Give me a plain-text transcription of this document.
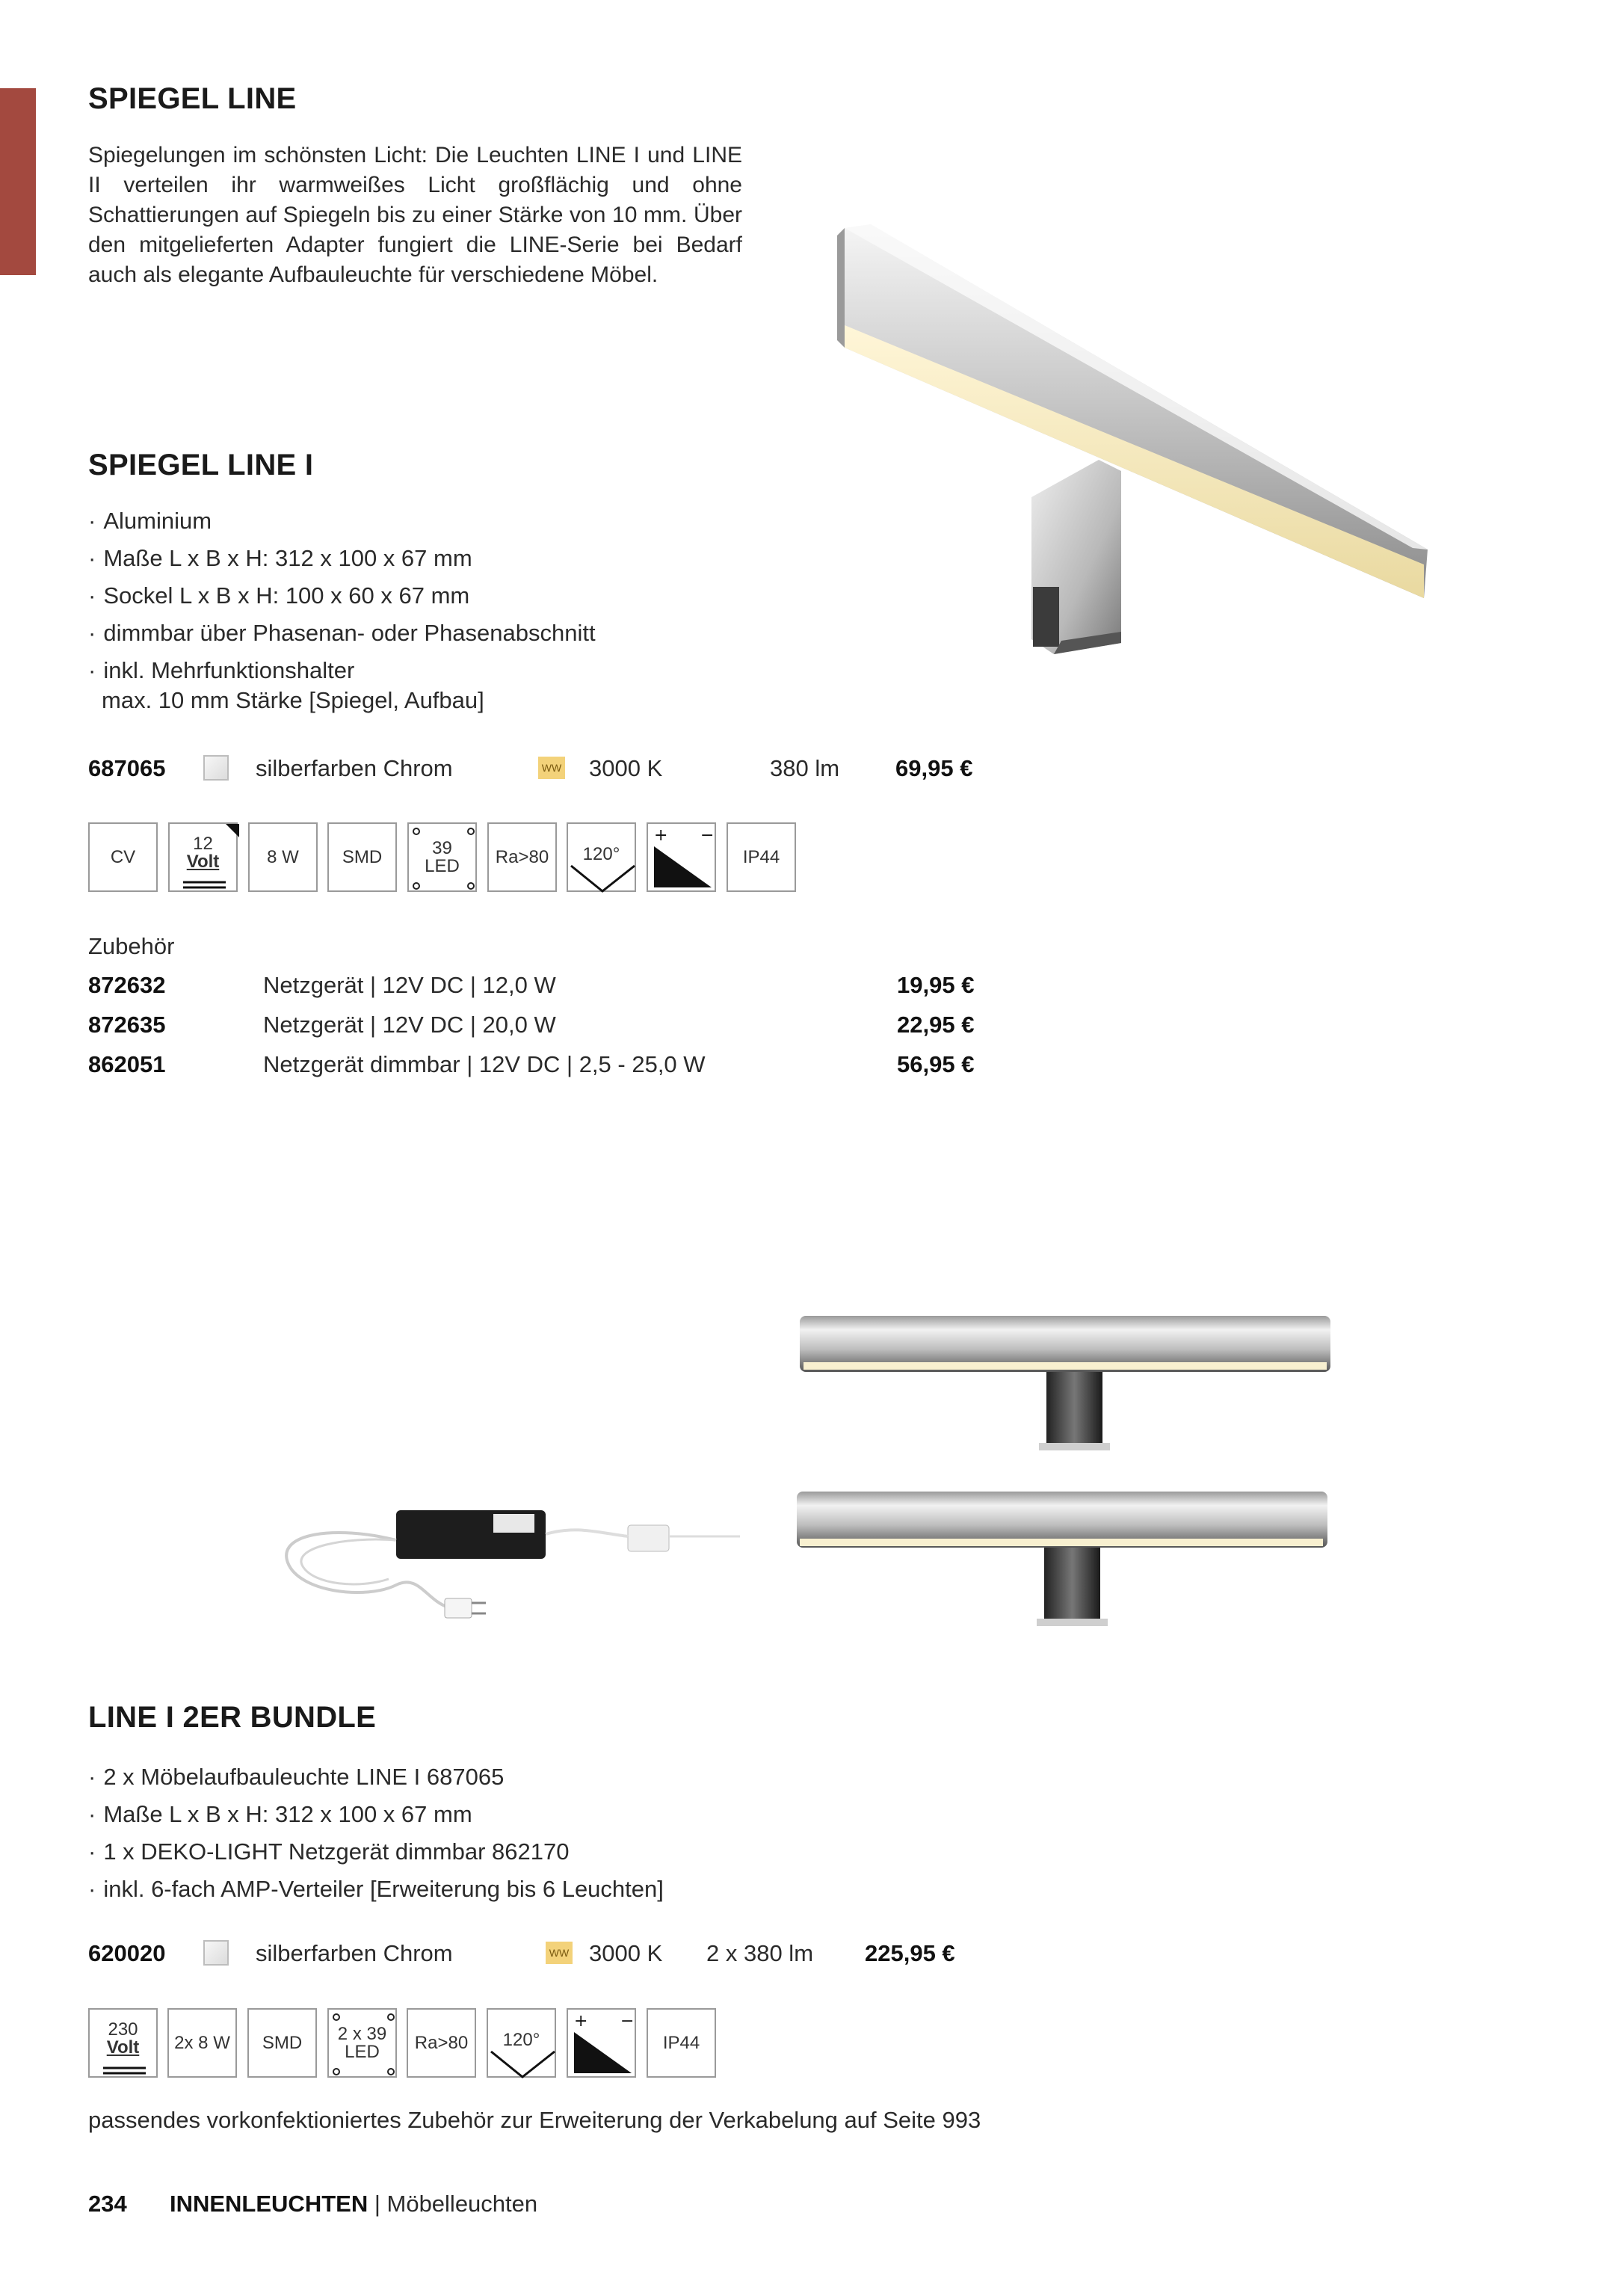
SPIEGEL LINE
Spiegelungen im schönsten Licht: Die Leuchten LINE I und LINE II verteilen ihr warmweißes Licht großflächig und ohne Schattierungen auf Spiegeln bis zu einer Stärke von 10 mm. Über den mitgelieferten Adapter fungiert die LINE-Serie bei Bedarf auch als elegante Aufbauleuchte für verschiedene Möbel.
SPIEGEL LINE I
· Aluminium
· Maße L x B x H: 312 x 100 x 67 mm
· Sockel L x B x H: 100 x 60 x 67 mm
· dimmbar über Phasenan- oder Phasenabschnitt
· inkl. Mehrfunktionshalter
max. 10 mm Stärke [Spiegel, Aufbau]
687065	silberfarben Chrom	WW 3000 K	380 lm 69,95 €
CV
12
Volt	8 W SMD	39
LED Ra>80 120°
+ −
IP44
Zubehör
872632	Netzgerät | 12V DC | 12,0 W	19,95 €
872635	Netzgerät | 12V DC | 20,0 W	22,95 €
862051	Netzgerät dimmbar | 12V DC | 2,5 - 25,0 W	56,95 €
LINE I 2ER BUNDLE
· 2 x Möbelaufbauleuchte LINE I 687065
· Maße L x B x H: 312 x 100 x 67 mm
· 1 x DEKO-LIGHT Netzgerät dimmbar 862170
· inkl. 6-fach AMP-Verteiler [Erweiterung bis 6 Leuchten]
620020	silberfarben Chrom	WW 3000 K 2 x 380 lm 225,95 €
230
Volt 2x 8 W SMD 2 x 39
LED Ra>80 120°
+ −
IP44
passendes vorkonfektioniertes Zubehör zur Erweiterung der Verkabelung auf Seite 993
234 INNENLEUCHTEN | Möbelleuchten
